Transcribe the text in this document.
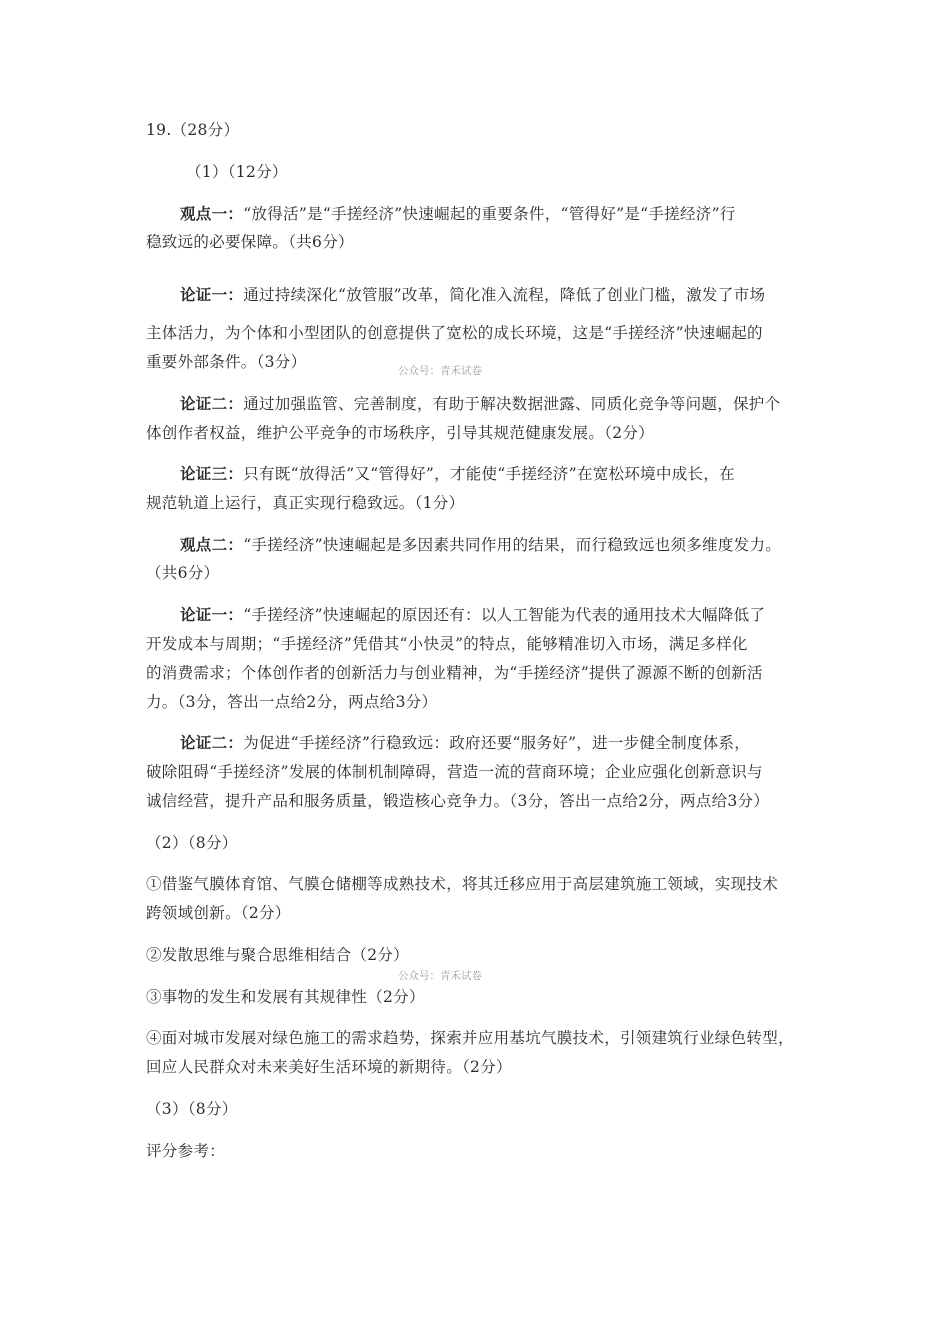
19.（28分）
（1）（12分）
观点一：“放得活”是“手搓经济”快速崛起的重要条件，“管得好”是“手搓经济”行
稳致远的必要保障。（共6分）
论证一：通过持续深化“放管服”改革，简化准入流程，降低了创业门槛，激发了市场
主体活力，为个体和小型团队的创意提供了宽松的成长环境，这是“手搓经济”快速崛起的
重要外部条件。（3分）	公众号：青禾试卷
论证二：通过加强监管、完善制度，有助于解决数据泄露、同质化竞争等问题，保护个
体创作者权益，维护公平竞争的市场秩序，引导其规范健康发展。（2分）
论证三：只有既“放得活”又“管得好”，才能使“手搓经济”在宽松环境中成长，在
规范轨道上运行，真正实现行稳致远。（1分）
观点二：“手搓经济”快速崛起是多因素共同作用的结果，而行稳致远也须多维度发力。
（共6分）
论证一：“手搓经济”快速崛起的原因还有：以人工智能为代表的通用技术大幅降低了
开发成本与周期；“手搓经济”凭借其“小快灵”的特点，能够精准切入市场，满足多样化
的消费需求；个体创作者的创新活力与创业精神，为“手搓经济”提供了源源不断的创新活
力。（3分，答出一点给2分，两点给3分）
论证二：为促进“手搓经济”行稳致远：政府还要“服务好”，进一步健全制度体系，
破除阻碍“手搓经济”发展的体制机制障碍，营造一流的营商环境；企业应强化创新意识与
诚信经营，提升产品和服务质量，锻造核心竞争力。（3分，答出一点给2分，两点给3分）
（2）（8分）
①借鉴气膜体育馆、气膜仓储棚等成熟技术，将其迁移应用于高层建筑施工领域，实现技术
跨领域创新。（2分）
②发散思维与聚合思维相结合（2分）
公众号：青禾试卷
③事物的发生和发展有其规律性（2分）
④面对城市发展对绿色施工的需求趋势，探索并应用基坑气膜技术，引领建筑行业绿色转型，
回应人民群众对未来美好生活环境的新期待。（2分）
（3）（8分）
评分参考：
